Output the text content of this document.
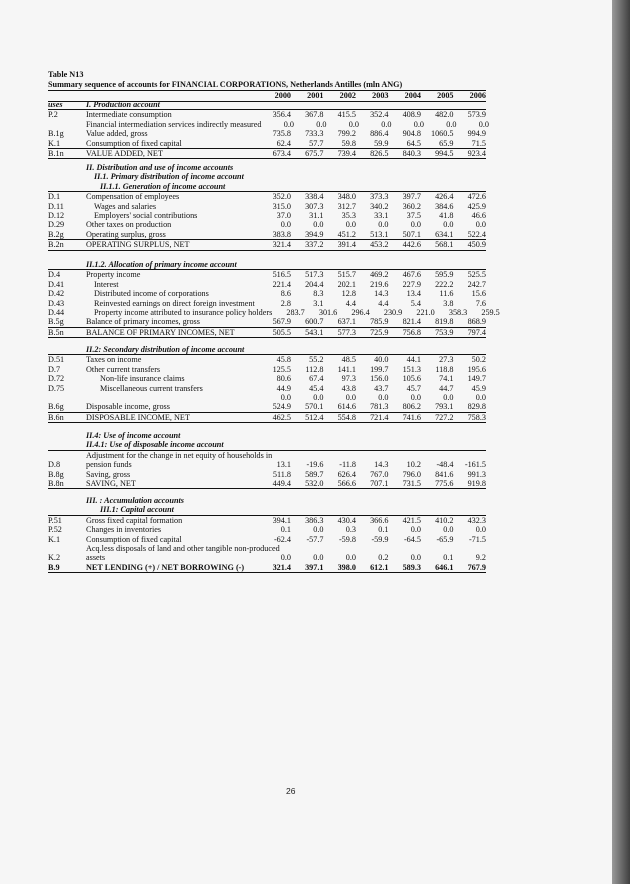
Table N13
Summary sequence of accounts for FINANCIAL CORPORATIONS, Netherlands Antilles (mln ANG)
2000	2001	2002	2003	2004	2005	2006
uses	I. Production account
P.2	Intermediate consumption	356.4	367.8	415.5	352.4	408.9	482.0	573.9
Financial intermediation services indirectly measured	0.0	0.0	0.0	0.0	0.0	0.0	0.0
B.1g	Value added, gross	735.8	733.3	799.2	886.4	904.8	1060.5	994.9
K.1	Consumption of fixed capital	62.4	57.7	59.8	59.9	64.5	65.9	71.5
B.1n	VALUE ADDED, NET	673.4	675.7	739.4	826.5	840.3	994.5	923.4
II. Distribution and use of income accounts
II.1. Primary distribution of income account
II.1.1. Generation of income account
D.1	Compensation of employees	352.0	338.4	348.0	373.3	397.7	426.4	472.6
D.11	Wages and salaries	315.0	307.3	312.7	340.2	360.2	384.6	425.9
D.12	Employers' social contributions	37.0	31.1	35.3	33.1	37.5	41.8	46.6
D.29	Other taxes on production	0.0	0.0	0.0	0.0	0.0	0.0	0.0
B.2g	Operating surplus, gross	383.8	394.9	451.2	513.1	507.1	634.1	522.4
B.2n	OPERATING SURPLUS, NET	321.4	337.2	391.4	453.2	442.6	568.1	450.9
II.1.2. Allocation of primary income account
D.4	Property income	516.5	517.3	515.7	469.2	467.6	595.9	525.5
D.41	Interest	221.4	204.4	202.1	219.6	227.9	222.2	242.7
D.42	Distributed income of corporations	8.6	8.3	12.8	14.3	13.4	11.6	15.6
D.43	Reinvested earnings on direct foreign investment	2.8	3.1	4.4	4.4	5.4	3.8	7.6
D.44	Property income attributed to insurance policy holders	283.7	301.6	296.4	230.9	221.0	358.3	259.5
B.5g	Balance of primary incomes, gross	567.9	600.7	637.1	785.9	821.4	819.8	868.9
B.5n	BALANCE OF PRIMARY INCOMES, NET	505.5	543.1	577.3	725.9	756.8	753.9	797.4
II.2: Secondary distribution of income account
D.51	Taxes on income	45.8	55.2	48.5	40.0	44.1	27.3	50.2
D.7	Other current transfers	125.5	112.8	141.1	199.7	151.3	118.8	195.6
D.72	Non-life insurance claims	80.6	67.4	97.3	156.0	105.6	74.1	149.7
D.75	Miscellaneous current transfers	44.9	45.4	43.8	43.7	45.7	44.7	45.9
0.0	0.0	0.0	0.0	0.0	0.0	0.0
B.6g	Disposable income, gross	524.9	570.1	614.6	781.3	806.2	793.1	829.8
B.6n	DISPOSABLE INCOME, NET	462.5	512.4	554.8	721.4	741.6	727.2	758.3
II.4: Use of income account
II.4.1: Use of disposable income account
Adjustment for the change in net equity of households in
D.8	pension funds	13.1	-19.6	-11.8	14.3	10.2	-48.4	-161.5
B.8g	Saving, gross	511.8	589.7	626.4	767.0	796.0	841.6	991.3
B.8n	SAVING, NET	449.4	532.0	566.6	707.1	731.5	775.6	919.8
III. : Accumulation accounts
III.1: Capital account
P.51	Gross fixed capital formation	394.1	386.3	430.4	366.6	421.5	410.2	432.3
P.52	Changes in inventories	0.1	0.0	0.3	0.1	0.0	0.0	0.0
K.1	Consumption of fixed capital	-62.4	-57.7	-59.8	-59.9	-64.5	-65.9	-71.5
Acq.less disposals of land and other tangible non-produced
K.2	assets	0.0	0.0	0.0	0.2	0.0	0.1	9.2
B.9	NET LENDING (+) / NET BORROWING (-)	321.4	397.1	398.0	612.1	589.3	646.1	767.9
26
